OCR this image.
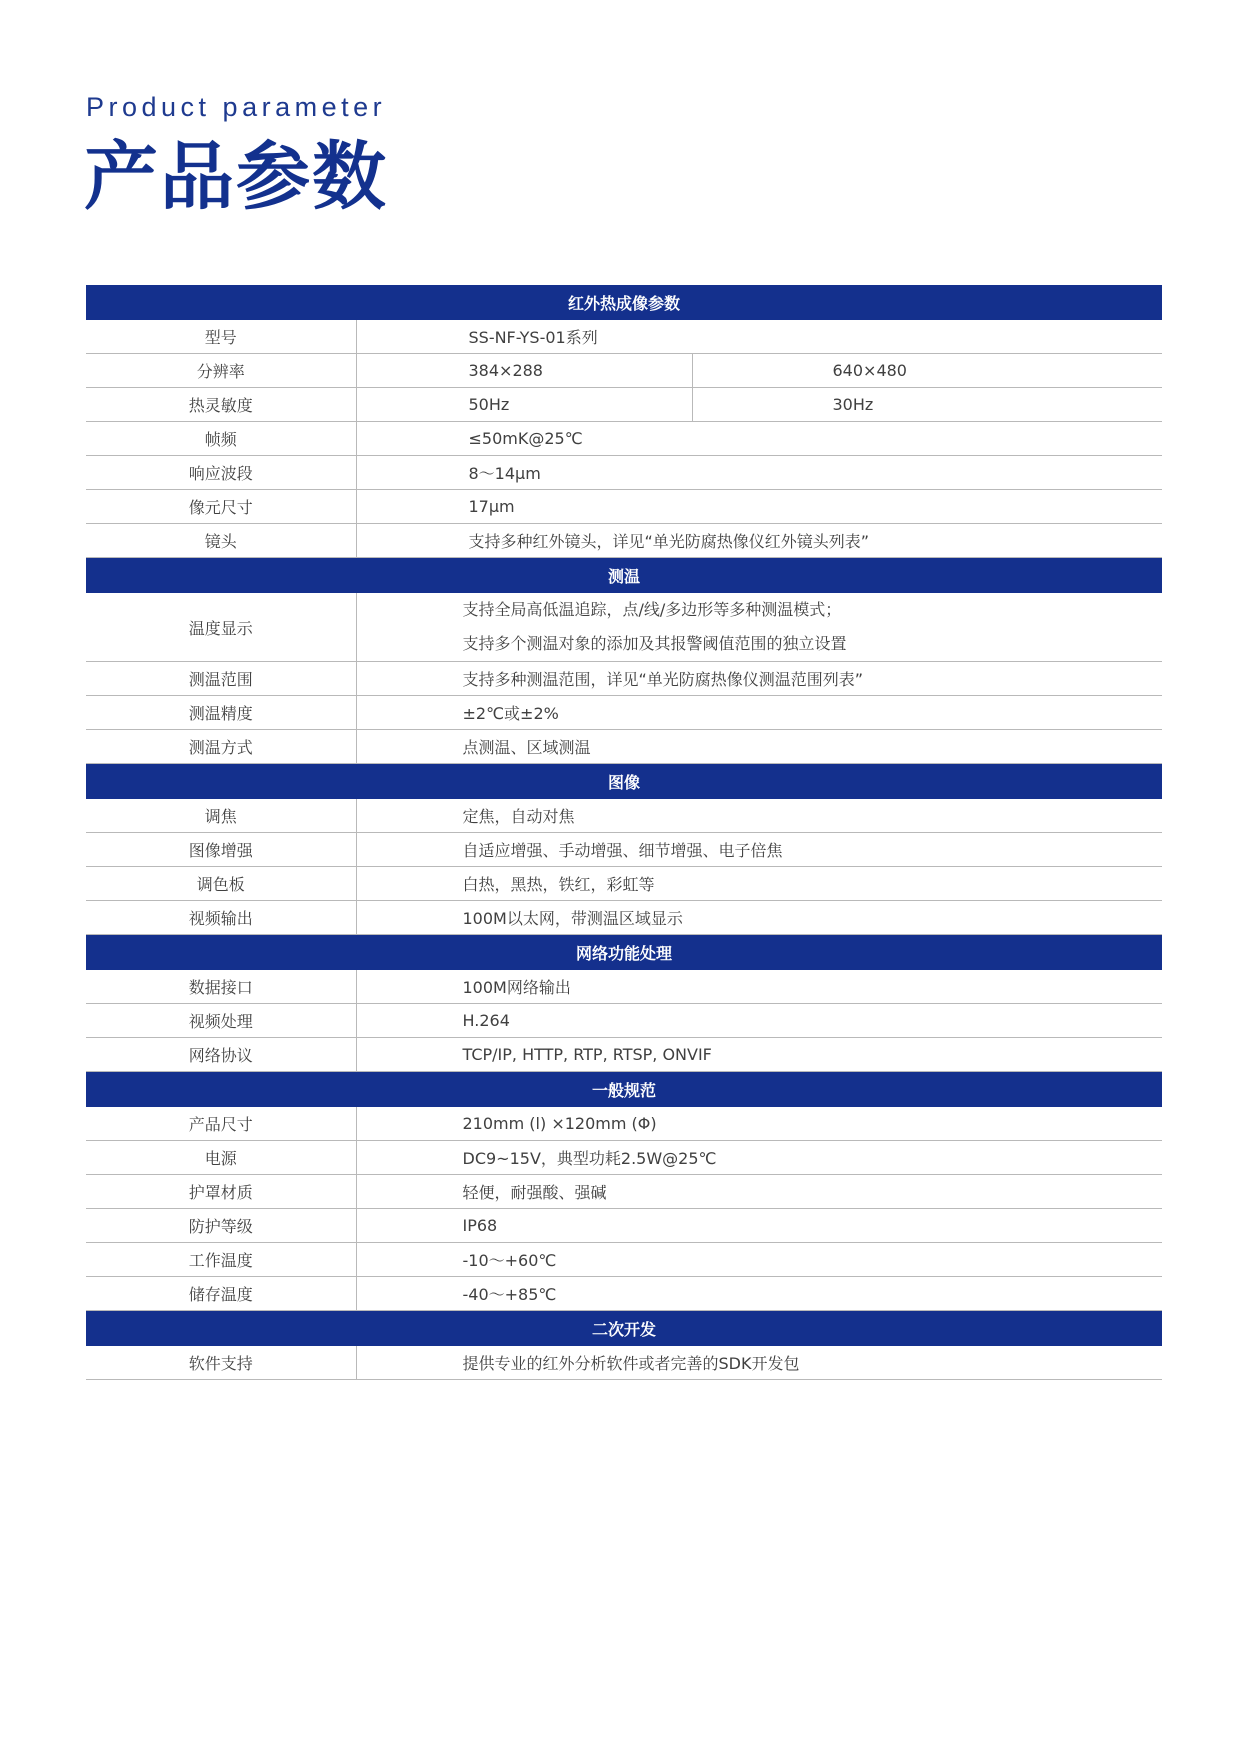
Product parameter
产品参数
红外热成像参数		
型号	SS-NF-YS-01系列	
分辨率	384×288	640×480
热灵敏度	50Hz	30Hz
帧频	≤50mK@25℃	
响应波段	8～14μm	
像元尺寸	17μm	
镜头	支持多种红外镜头，详见“单光防腐热像仪红外镜头列表”	
测温		
温度显示	支持全局高低温追踪，点/线/多边形等多种测温模式；
支持多个测温对象的添加及其报警阈值范围的独立设置	

测温范围	支持多种测温范围，详见“单光防腐热像仪测温范围列表”	
测温精度	±2℃或±2%	
测温方式	点测温、区域测温	
图像		
调焦	定焦，自动对焦	
图像增强	自适应增强、手动增强、细节增强、电子倍焦	
调色板	白热，黑热，铁红，彩虹等	
视频输出	100M以太网，带测温区域显示	
网络功能处理		
数据接口	100M网络输出	
视频处理	H.264	
网络协议	TCP/IP, HTTP, RTP, RTSP, ONVIF	
一般规范		
产品尺寸	210mm (l) ×120mm (Φ)	
电源	DC9~15V，典型功耗2.5W@25℃	
护罩材质	轻便，耐强酸、强碱	
防护等级	IP68	
工作温度	-10～+60℃	
储存温度	-40～+85℃	
二次开发		
软件支持	提供专业的红外分析软件或者完善的SDK开发包	
